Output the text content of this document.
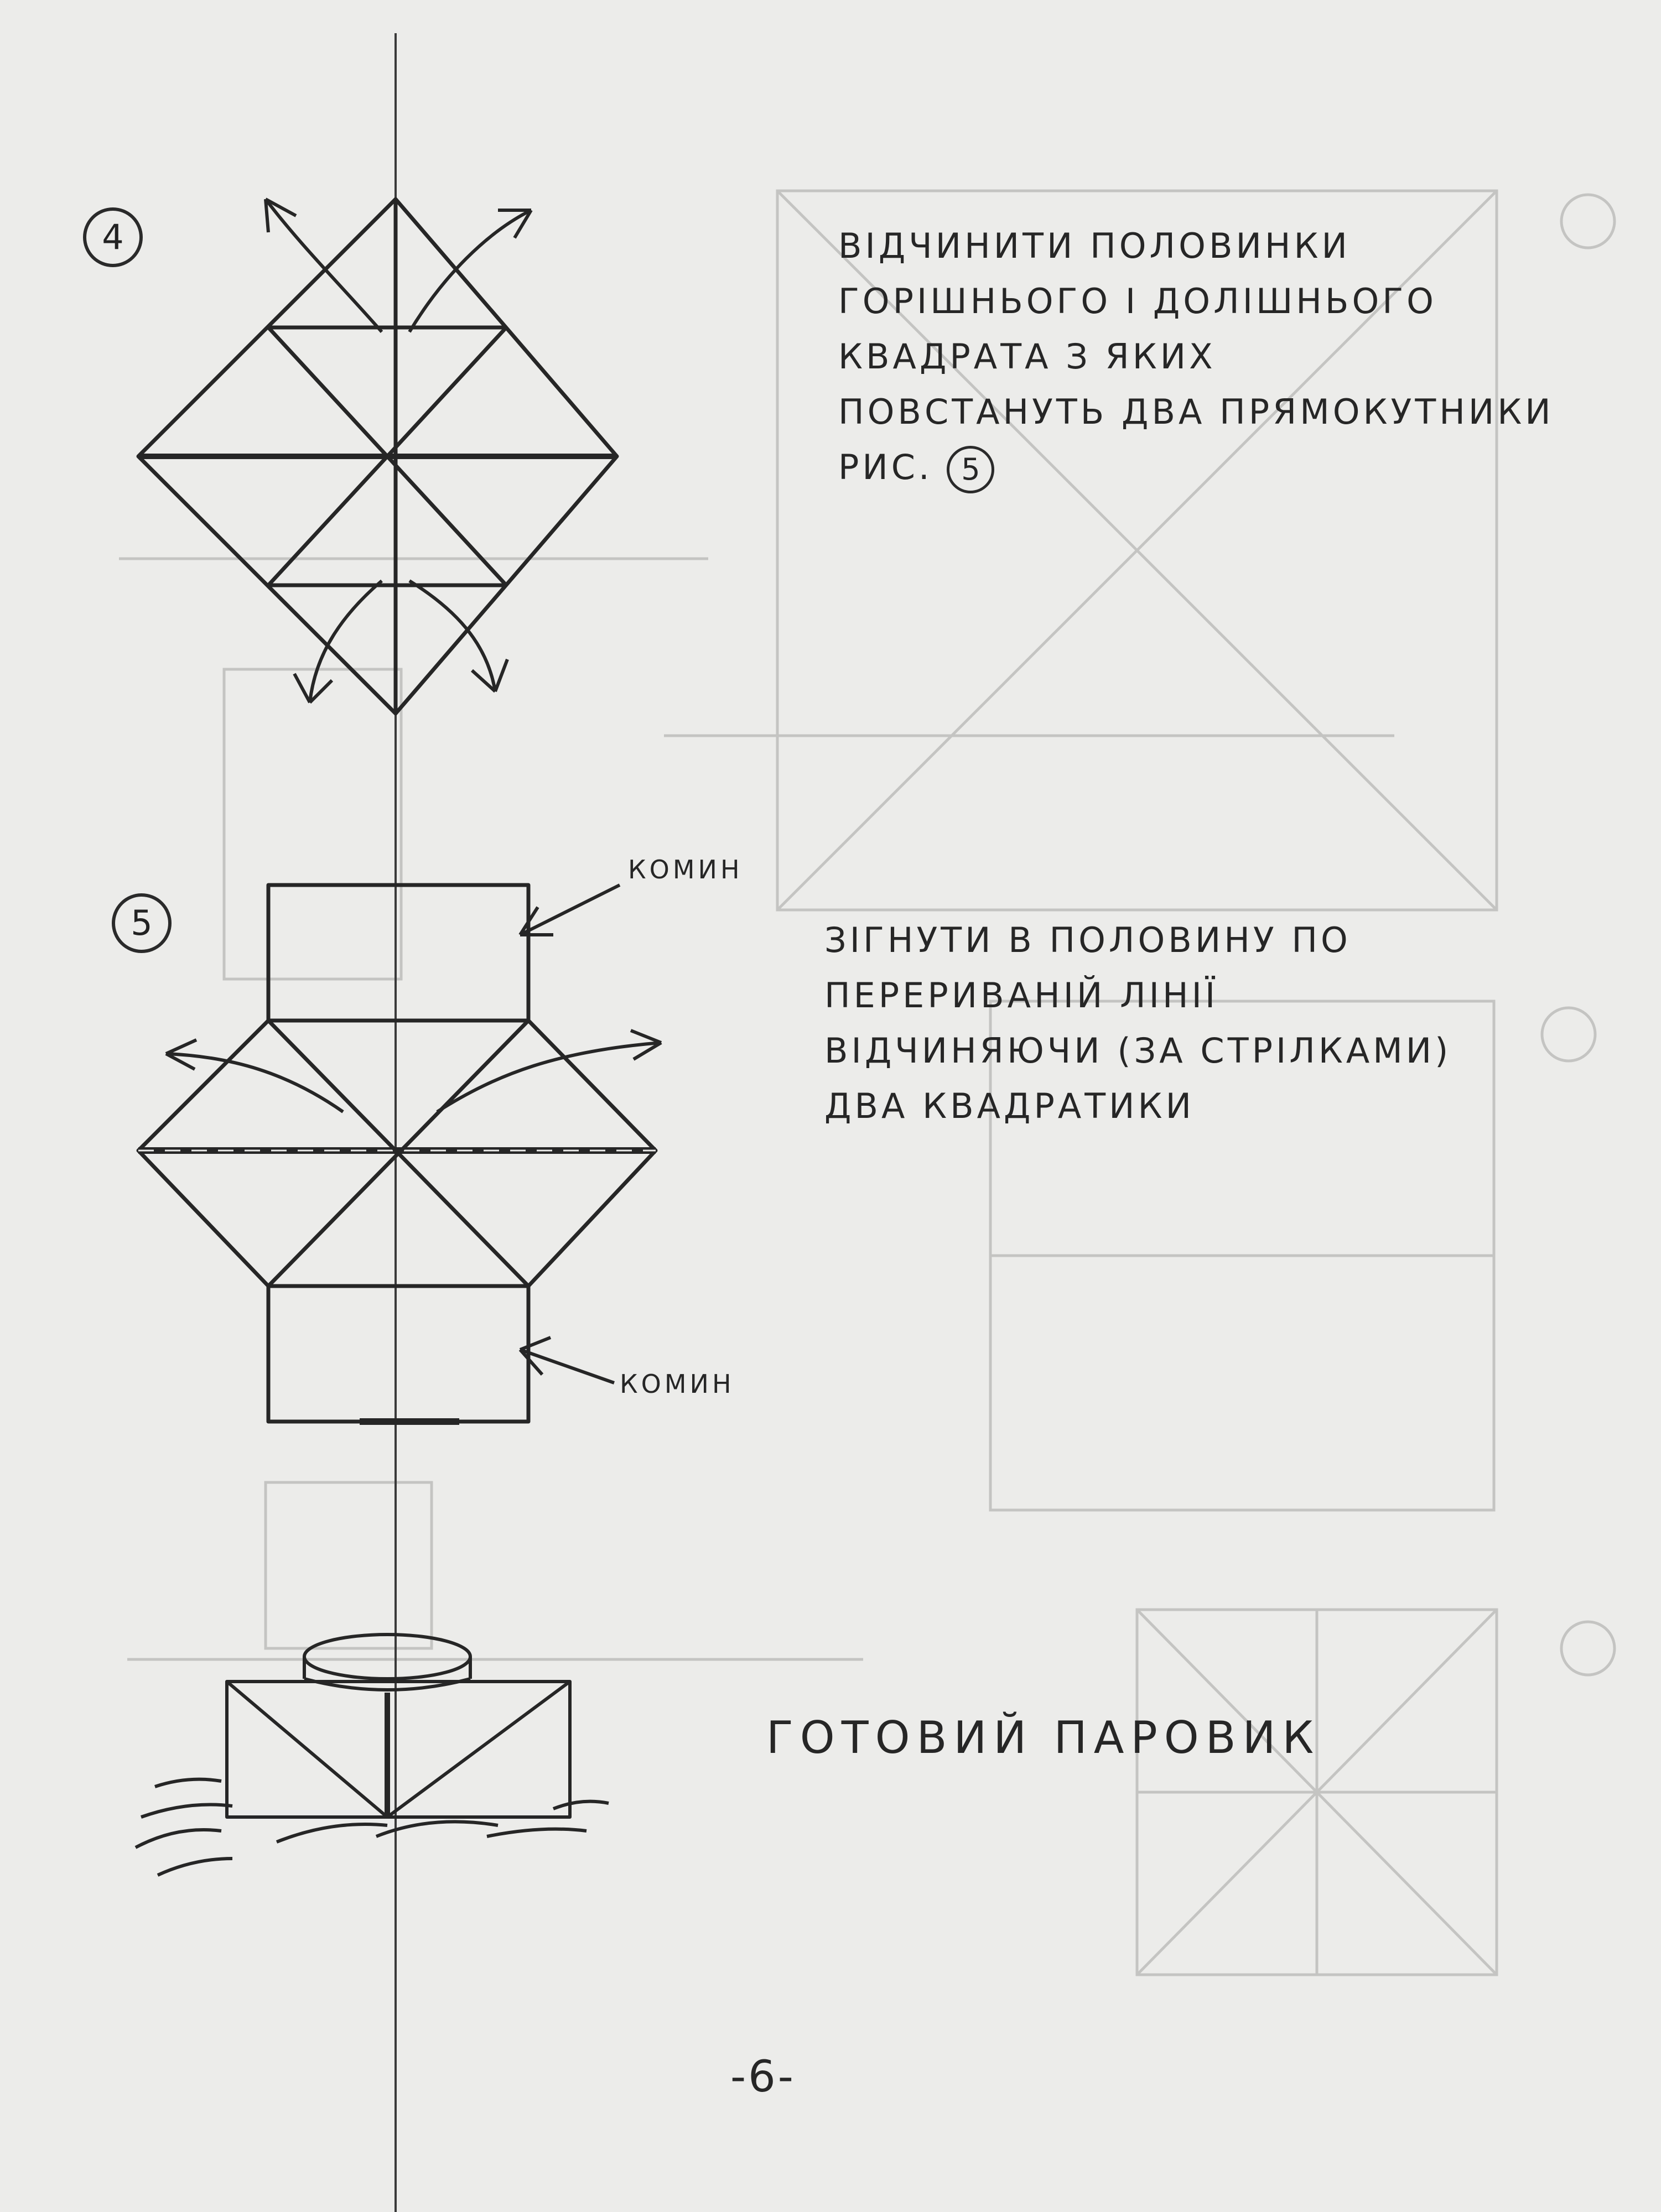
4
5
ВІДЧИНИТИ ПОЛОВИНКИ
ГОРІШНЬОГО І ДОЛІШНЬОГО
КВАДРАТА З ЯКИХ
ПОВСТАНУТЬ ДВА ПРЯМОКУТНИКИ
РИС. 5
КОМИН
КОМИН
ЗІГНУТИ В ПОЛОВИНУ ПО
ПЕРЕРИВАНІЙ ЛІНІЇ
ВІДЧИНЯЮЧИ (ЗА СТРІЛКАМИ)
ДВА КВАДРАТИКИ
ГОТОВИЙ ПАРОВИК
-6-
